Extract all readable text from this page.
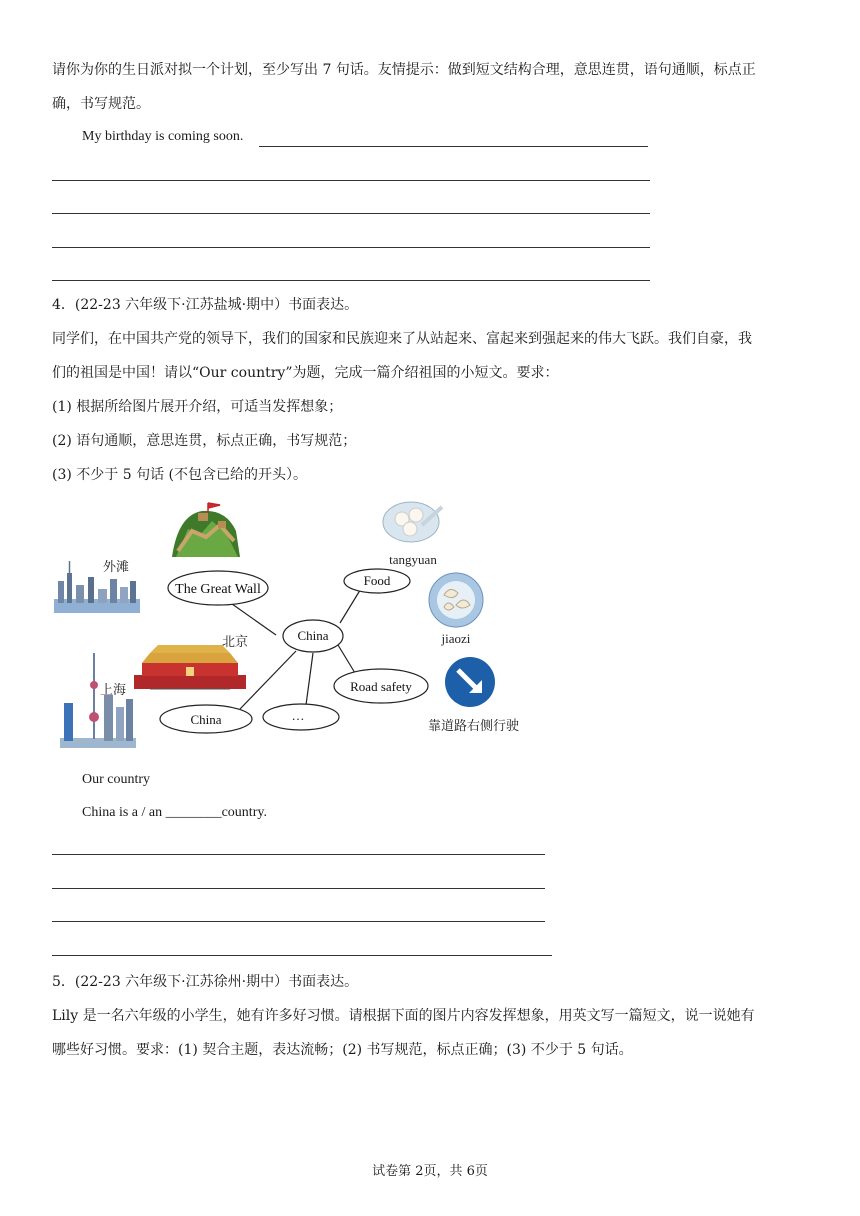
请你为你的生日派对拟一个计划，至少写出 7 句话。友情提示：做到短文结构合理，意思连贯，语句通顺，标点正
确，书写规范。
My birthday is coming soon.
4．(22-23 六年级下·江苏盐城·期中）书面表达。
同学们，在中国共产党的领导下，我们的国家和民族迎来了从站起来、富起来到强起来的伟大飞跃。我们自豪，我
们的祖国是中国！请以“Our country”为题，完成一篇介绍祖国的小短文。要求：
(1) 根据所给图片展开介绍，可适当发挥想象；
(2) 语句通顺，意思连贯，标点正确，书写规范；
(3) 不少于 5 句话 (不包含已给的开头）。
The Great Wall
Food
China
Road safety
China	…
外滩
北京
上海
tangyuan
jiaozi
靠道路右侧行驶
Our country
China is a / an ________country.
5．(22-23 六年级下·江苏徐州·期中）书面表达。
Lily 是一名六年级的小学生，她有许多好习惯。请根据下面的图片内容发挥想象，用英文写一篇短文，说一说她有
哪些好习惯。要求：(1) 契合主题，表达流畅；(2) 书写规范，标点正确；(3) 不少于 5 句话。
试卷第 2页，共 6页
